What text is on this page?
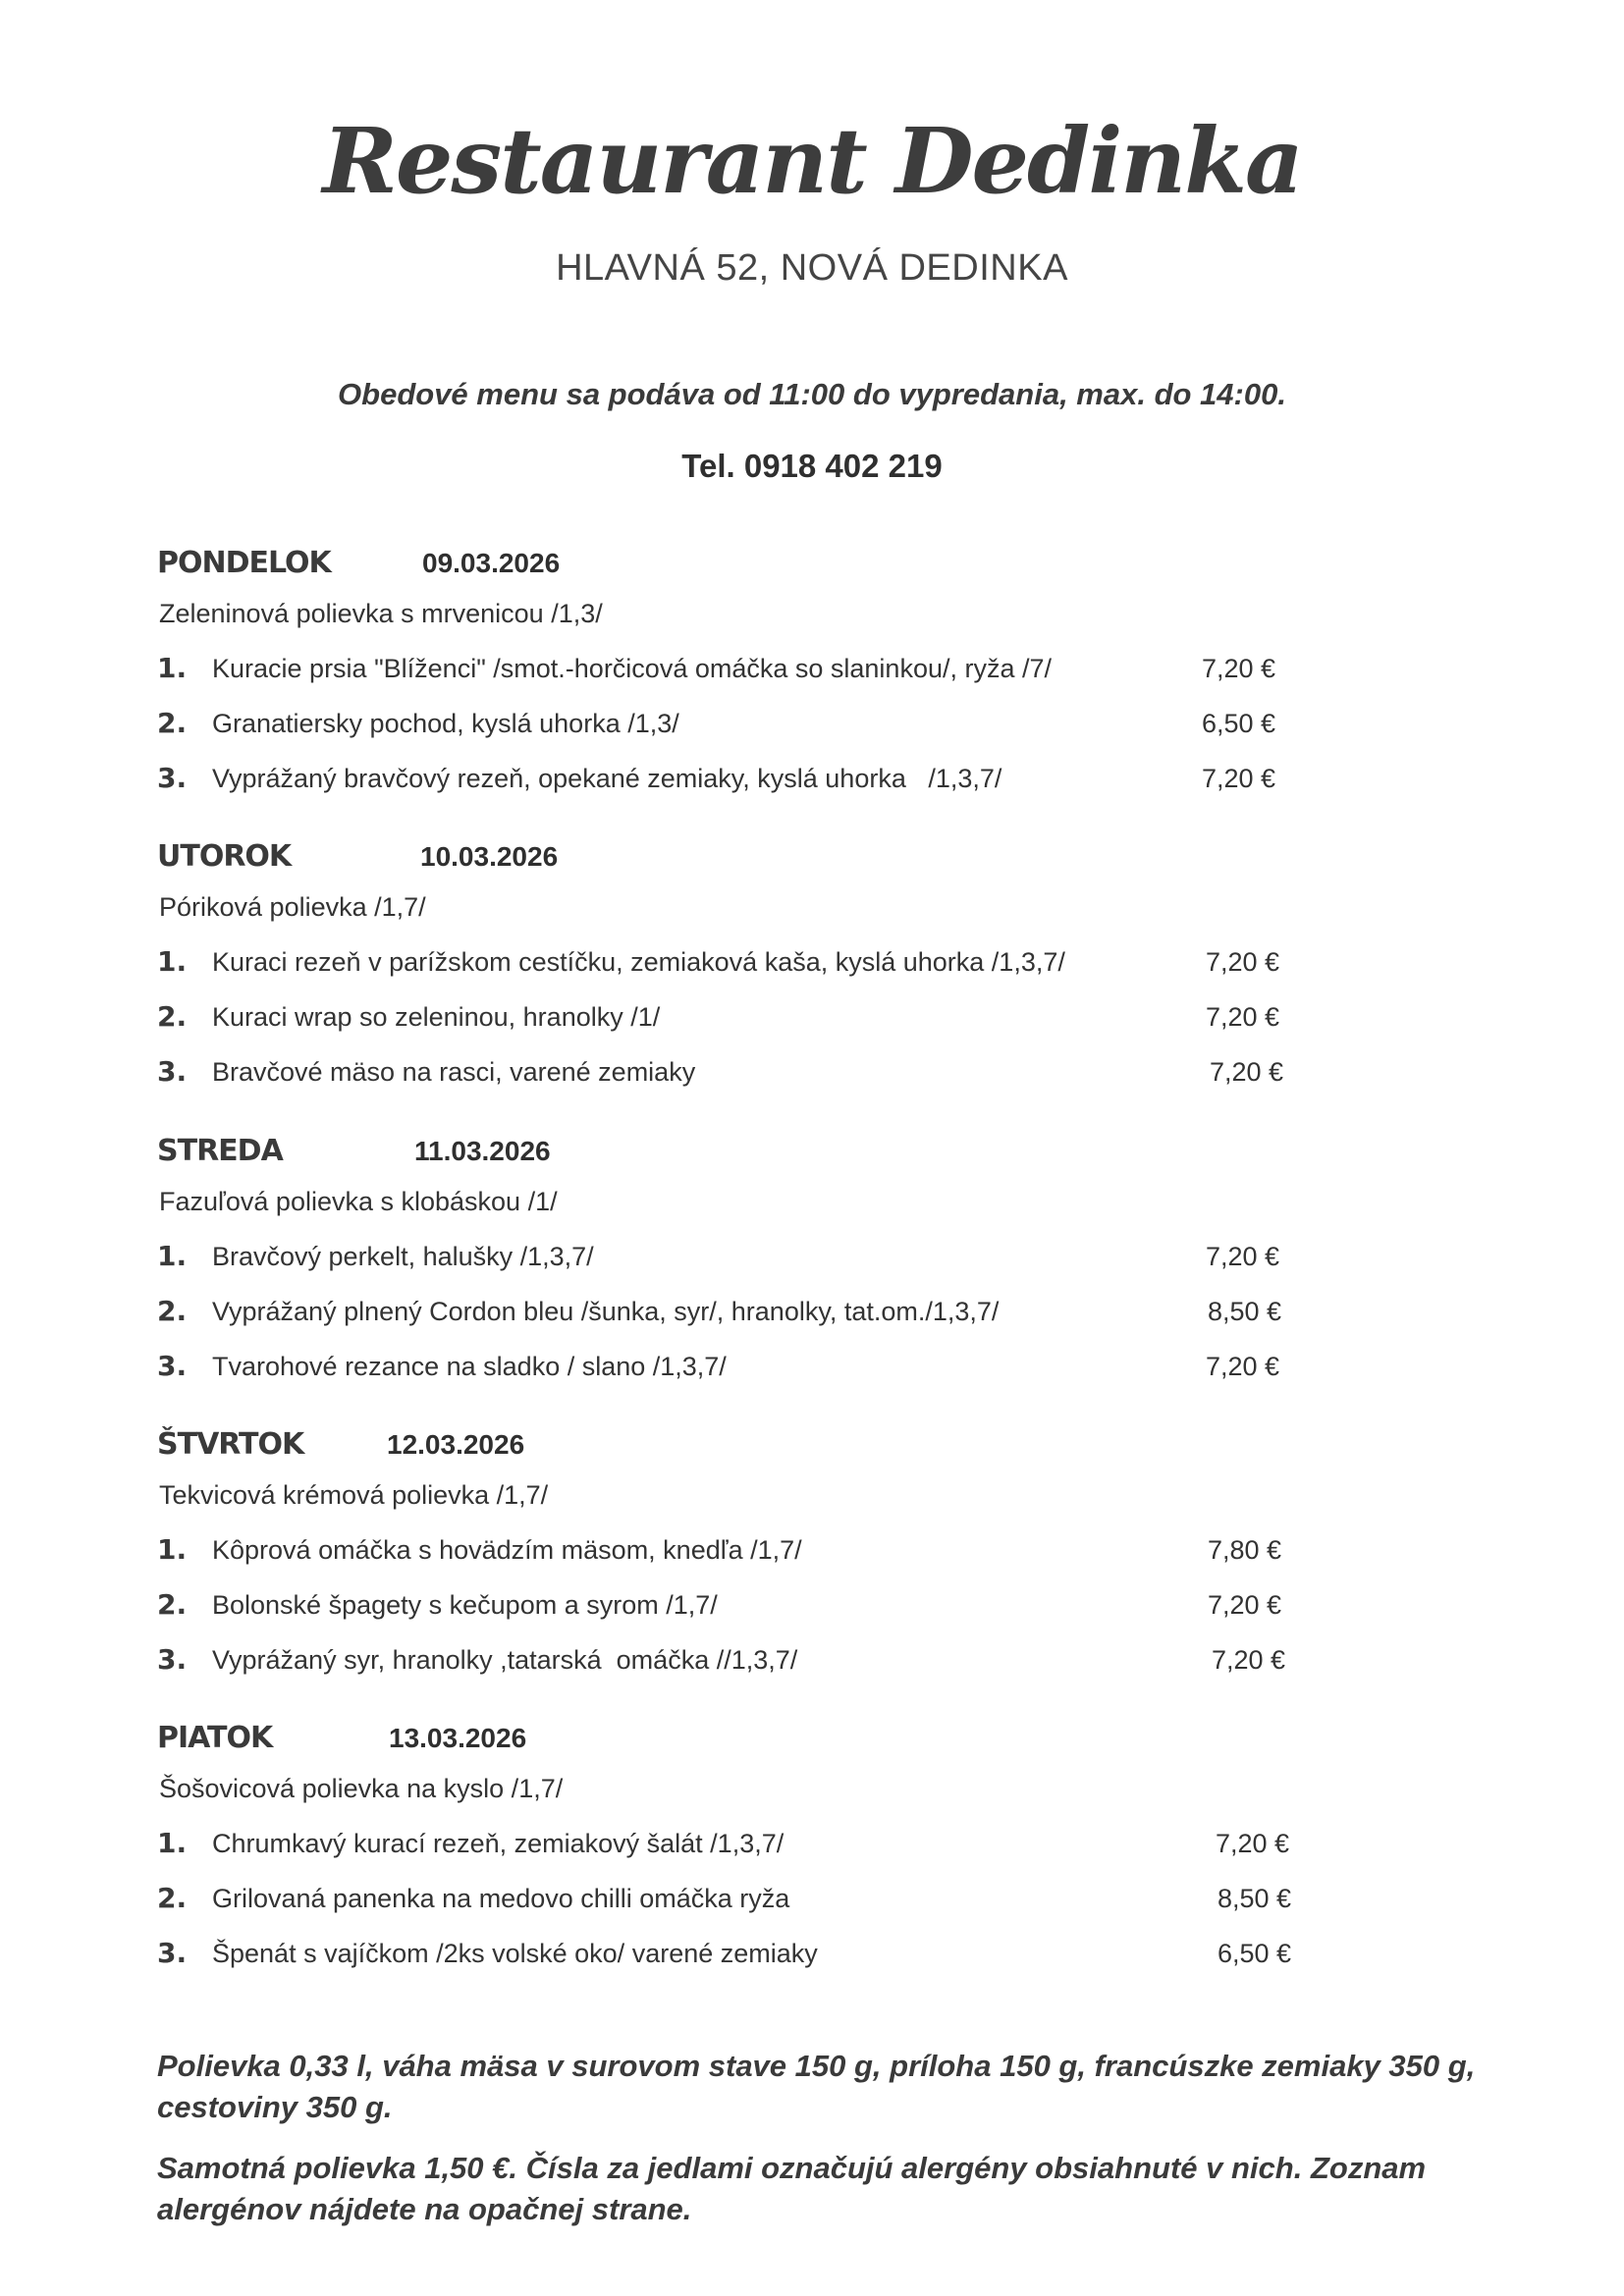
Restaurant Dedinka
HLAVNÁ 52, NOVÁ DEDINKA
Obedové menu sa podáva od 11:00 do vypredania, max. do 14:00.
Tel. 0918 402 219
PONDELOK	09.03.2026
Zeleninová polievka s mrvenicou /1,3/
1. Kuracie prsia "Blíženci" /smot.-horčicová omáčka so slaninkou/, ryža /7/	7,20 €
2. Granatiersky pochod, kyslá uhorka /1,3/	6,50 €
3. Vyprážaný bravčový rezeň, opekané zemiaky, kyslá uhorka   /1,3,7/	7,20 €
UTOROK	10.03.2026
Póriková polievka /1,7/
1. Kuraci rezeň v parížskom cestíčku, zemiaková kaša, kyslá uhorka /1,3,7/	7,20 €
2. Kuraci wrap so zeleninou, hranolky /1/	7,20 €
3. Bravčové mäso na rasci, varené zemiaky	7,20 €
STREDA	11.03.2026
Fazuľová polievka s klobáskou /1/
1. Bravčový perkelt, halušky /1,3,7/	7,20 €
2. Vyprážaný plnený Cordon bleu /šunka, syr/, hranolky, tat.om./1,3,7/	8,50 €
3. Tvarohové rezance na sladko / slano /1,3,7/	7,20 €
ŠTVRTOK	12.03.2026
Tekvicová krémová polievka /1,7/
1. Kôprová omáčka s hovädzím mäsom, knedľa /1,7/	7,80 €
2. Bolonské špagety s kečupom a syrom /1,7/	7,20 €
3. Vyprážaný syr, hranolky ,tatarská  omáčka //1,3,7/	7,20 €
PIATOK	13.03.2026
Šošovicová polievka na kyslo /1,7/
1. Chrumkavý kurací rezeň, zemiakový šalát /1,3,7/	7,20 €
2. Grilovaná panenka na medovo chilli omáčka ryža	8,50 €
3. Špenát s vajíčkom /2ks volské oko/ varené zemiaky	6,50 €
Polievka 0,33 l, váha mäsa v surovom stave 150 g, príloha 150 g, francúszke zemiaky 350 g, cestoviny 350 g.
Samotná polievka 1,50 €. Čísla za jedlami označujú alergény obsiahnuté v nich. Zoznam alergénov nájdete na opačnej strane.
